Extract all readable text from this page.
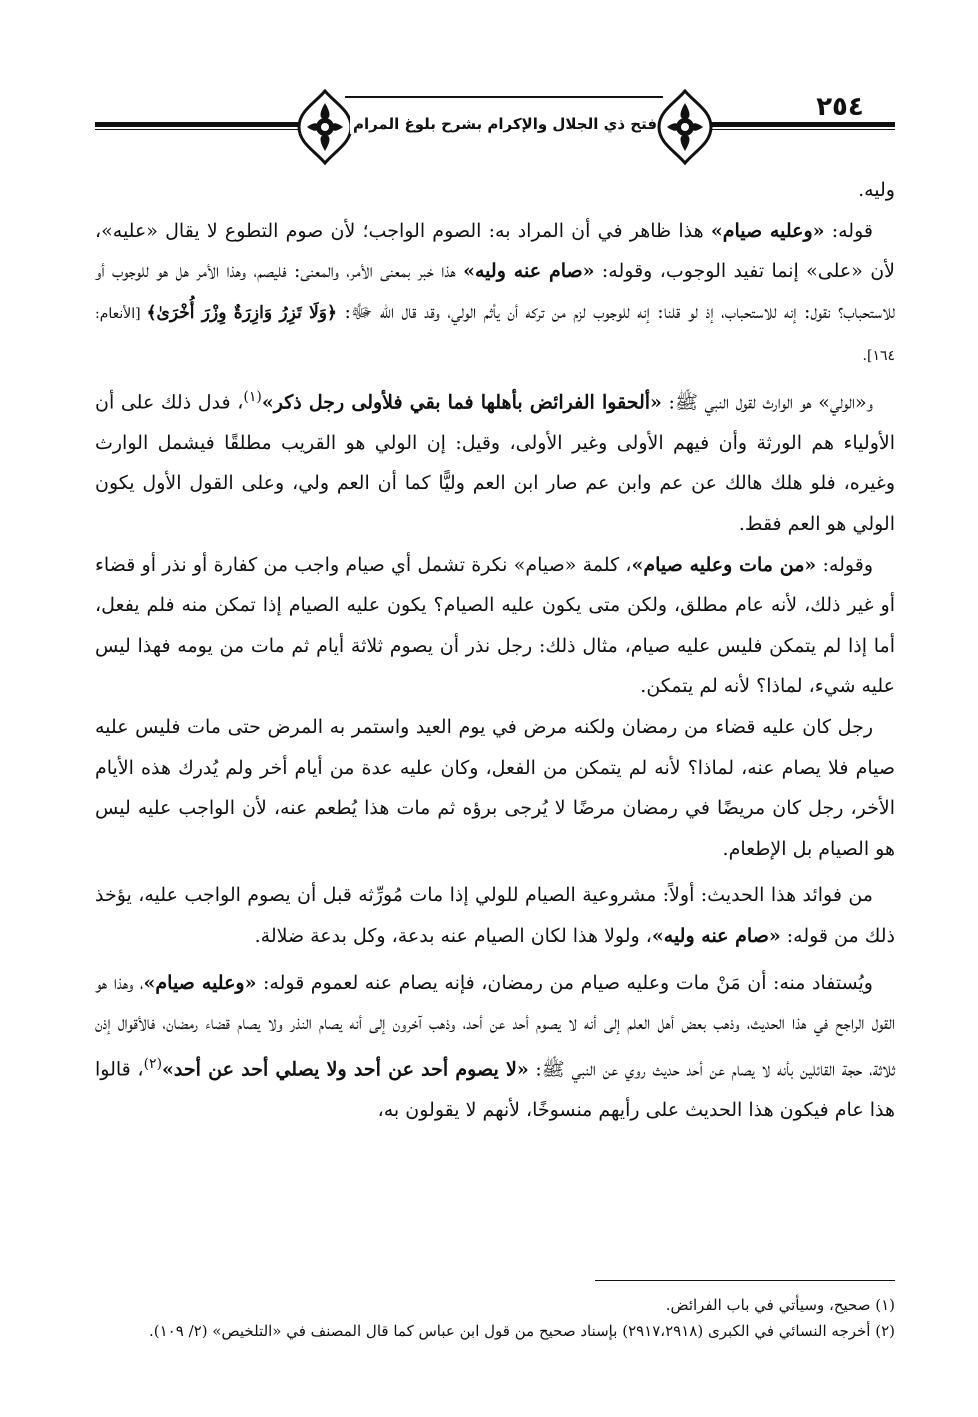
فتح ذي الجلال والإكرام بشرح بلوغ المرام
٢٥٤

وليه.

قوله: «وعليه صيام» هذا ظاهر في أن المراد به: الصوم الواجب؛ لأن صوم التطوع لا يقال «عليه»، لأن «على» إنما تفيد الوجوب، وقوله: «صام عنه وليه» هذا خبر بمعنى الأمر، والمعنى: فليصم، وهذا الأمر هل هو للوجوب أو للاستحباب؟ نقول: إنه للاستحباب، إذ لو قلنا: إنه للوجوب لزم من تركه أن يأثم الولي، وقد قال الله ﷻ: ﴿وَلَا تَزِرُ وَازِرَةٌ وِزْرَ أُخْرَىٰ﴾ [الأنعام: ١٦٤].

و«الولي» هو الوارث لقول النبي ﷺ: «ألحقوا الفرائض بأهلها فما بقي فلأولى رجل ذكر»$^{(١)}$، فدل ذلك على أن الأولياء هم الورثة وأن فيهم الأولى وغير الأولى، وقيل: إن الولي هو القريب مطلقًا فيشمل الوارث وغيره، فلو هلك هالك عن عم وابن عم صار ابن العم وليًّا كما أن العم ولي، وعلى القول الأول يكون الولي هو العم فقط.

وقوله: «من مات وعليه صيام»، كلمة «صيام» نكرة تشمل أي صيام واجب من كفارة أو نذر أو قضاء أو غير ذلك، لأنه عام مطلق، ولكن متى يكون عليه الصيام؟ يكون عليه الصيام إذا تمكن منه فلم يفعل، أما إذا لم يتمكن فليس عليه صيام، مثال ذلك: رجل نذر أن يصوم ثلاثة أيام ثم مات من يومه فهذا ليس عليه شيء، لماذا؟ لأنه لم يتمكن.

رجل كان عليه قضاء من رمضان ولكنه مرض في يوم العيد واستمر به المرض حتى مات فليس عليه صيام فلا يصام عنه، لماذا؟ لأنه لم يتمكن من الفعل، وكان عليه عدة من أيام أخر ولم يُدرك هذه الأيام الأخر، رجل كان مريضًا في رمضان مرضًا لا يُرجى برؤه ثم مات هذا يُطعم عنه، لأن الواجب عليه ليس هو الصيام بل الإطعام.

من فوائد هذا الحديث: أولاً: مشروعية الصيام للولي إذا مات مُورِّثه قبل أن يصوم الواجب عليه، يؤخذ ذلك من قوله: «صام عنه وليه»، ولولا هذا لكان الصيام عنه بدعة، وكل بدعة ضلالة.

ويُستفاد منه: أن مَنْ مات وعليه صيام من رمضان، فإنه يصام عنه لعموم قوله: «وعليه صيام»، وهذا هو القول الراجح في هذا الحديث، وذهب بعض أهل العلم إلى أنه لا يصوم أحد عن أحد، وذهب آخرون إلى أنه يصام النذر ولا يصام قضاء رمضان، فالأقوال إذن ثلاثة، حجة القائلين بأنه لا يصام عن أحد حديث روي عن النبي ﷺ: «لا يصوم أحد عن أحد ولا يصلي أحد عن أحد»$^{(٢)}$، قالوا هذا عام فيكون هذا الحديث على رأيهم منسوخًا، لأنهم لا يقولون به،

(١) صحيح، وسيأتي في باب الفرائض.

(٢) أخرجه النسائي في الكبرى (٢٩١٧،٢٩١٨) بإسناد صحيح من قول ابن عباس كما قال المصنف في «التلخيص» (٢/ ١٠٩).
